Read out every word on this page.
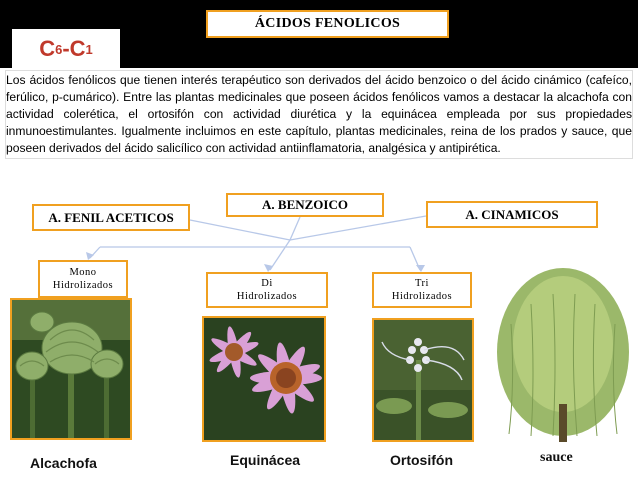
ÁCIDOS FENOLICOS
C 6 -C 1
Los ácidos fenólicos que tienen interés terapéutico son derivados del ácido benzoico o del ácido cinámico (cafeíco, ferúlico, p-cumárico). Entre las plantas medicinales que poseen ácidos fenólicos vamos a destacar la alcachofa con actividad colerética, el ortosifón con actividad diurética y la equinácea empleada por sus propiedades inmunoestimulantes. Igualmente incluimos en este capítulo, plantas medicinales, reina de los prados y sauce, que poseen derivados del ácido salicílico con actividad antiinflamatoria, analgésica y antipirética.
A. FENIL ACETICOS
A. BENZOICO
A. CINAMICOS
Mono
Hidrolizados	Di
Hidrolizados
Tri
Hidrolizados
Alcachofa	Equinácea	Ortosifón	sauce
